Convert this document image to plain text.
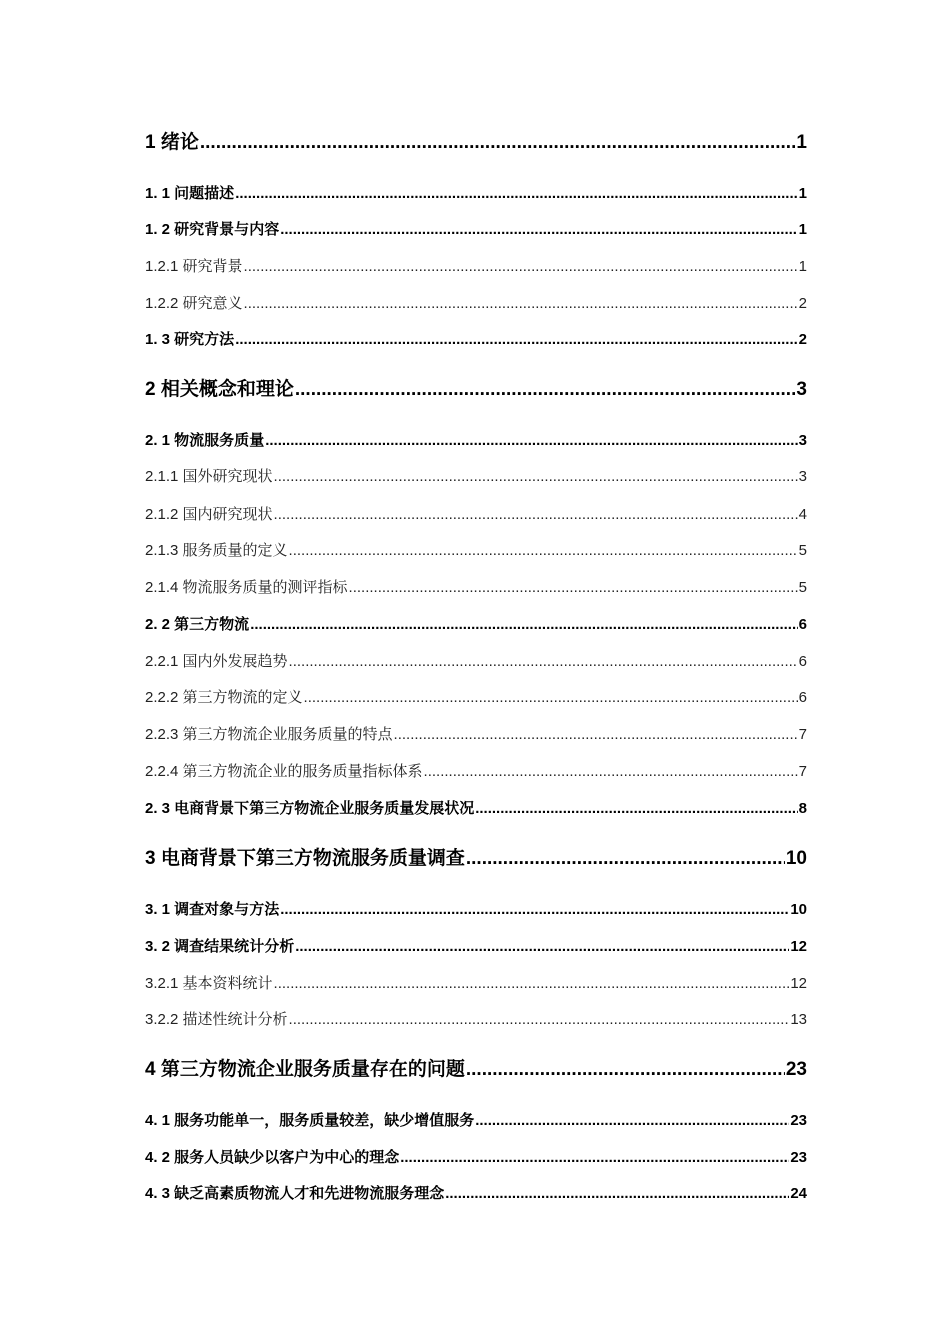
1 绪论 .....	1
1. 1 问题描述 .....	1
1. 2 研究背景与内容 .....	1
1.2.1 研究背景 .....	1
1.2.2 研究意义 .....	2
1. 3 研究方法 .....	2
2 相关概念和理论 .....	3
2. 1 物流服务质量 .....	3
2.1.1 国外研究现状 .....	3
2.1.2 国内研究现状 .....	4
2.1.3 服务质量的定义 .....	5
2.1.4 物流服务质量的测评指标 .....	5
2. 2 第三方物流 .....	6
2.2.1 国内外发展趋势 .....	6
2.2.2 第三方物流的定义 .....	6
2.2.3 第三方物流企业服务质量的特点 .....	7
2.2.4 第三方物流企业的服务质量指标体系 .....	7
2. 3 电商背景下第三方物流企业服务质量发展状况 .....	8
3 电商背景下第三方物流服务质量调查 .....	10
3. 1 调查对象与方法 .....	10
3. 2 调查结果统计分析 .....	12
3.2.1 基本资料统计 .....	12
3.2.2 描述性统计分析 .....	13
4 第三方物流企业服务质量存在的问题 .....	23
4. 1 服务功能单一，服务质量较差，缺少增值服务 .....	23
4. 2 服务人员缺少以客户为中心的理念 .....	23
4. 3 缺乏高素质物流人才和先进物流服务理念 .....	24
